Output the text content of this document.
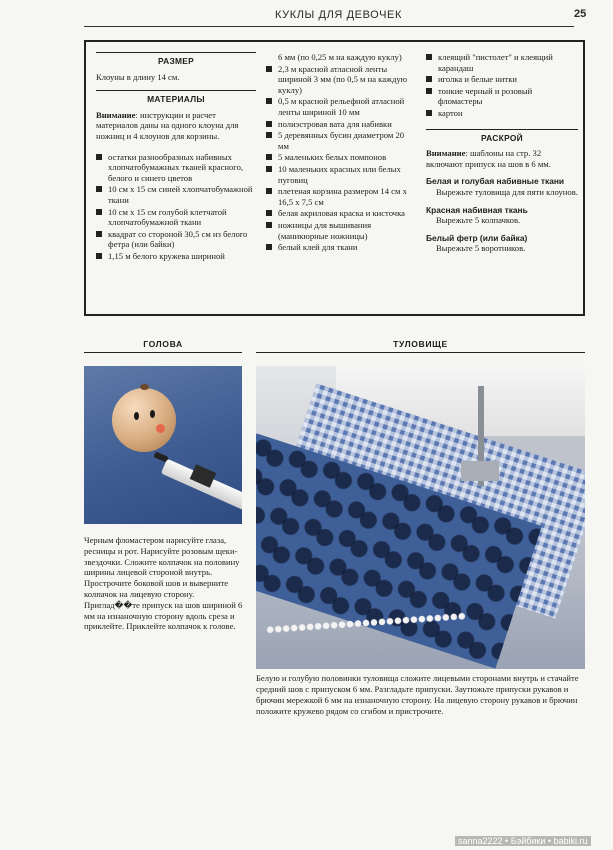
КУКЛЫ ДЛЯ ДЕВОЧЕК	25
РАЗМЕР

Клоуны в длину 14 см.

МАТЕРИАЛЫ

Внимание: инструкции и расчет материалов даны на одного клоуна для ножниц и 4 клоунов для корзины.

остатки разнообразных набивных хлопчатобумажных тканей красного, белого и синего цветов
10 см х 15 см синей хлопчатобумажной ткани
10 см х 15 см голубой клетчатой хлопчатобумажной ткани
квадрат со стороной 30,5 см из белого фетра (или байки)
1,15 м белого кружева шириной

6 мм (по 0,25 м на каждую куклу)

2,3 м красной атласной ленты шириной 3 мм (по 0,5 м на каждую куклу)
0,5 м красной рельефной атласной ленты шириной 10 мм
полиэстровая вата для набивки
5 деревянных бусин диаметром 20 мм
5 маленьких белых помпонов
10 маленьких красных или белых пуговиц
плетеная корзина размером 14 см х 16,5 х 7,5 см
белая акриловая краска и кисточка
ножницы для вышивания (маникюрные ножницы)
белый клей для ткани
клеящий "пистолет" и клеящий карандаш
иголка и белые нитки
тонкие черный и розовый фломастеры
картон
РАСКРОЙ

Внимание: шаблоны на стр. 32 включают припуск на шов в 6 мм.

Белая и голубая набивные ткани
Вырежьте туловища для пяти клоунов.
Красная набивная ткань
Вырежьте 5 колпачков.
Белый фетр (или байка)
Вырежьте 5 воротников.
ГОЛОВА	ТУЛОВИЩЕ
Черным фломастером нарисуйте глаза, ресницы и рот. Нарисуйте розовым щеки-звездочки. Сложите колпачок на половину ширины лицевой стороной внутрь. Прострочите боковой шов и выверните колпачок на лицевую сторону. Приглад��те припуск на шов шириной 6 мм на изнаночную сторону вдоль среза и приклейте. Приклейте колпачок к голове.
Белую и голубую половинки туловища сложите лицевыми сторонами внутрь и стачайте средний шов с припуском 6 мм. Разгладьте припуски. Заутюжьте припуски рукавов и брючин мережкой 6 мм на изнаночную сторону. На лицевую сторону рукавов и брючин положите кружево рядом со сгибом и пристрочите.
sanna2222 • Бэйбики • babiki.ru
